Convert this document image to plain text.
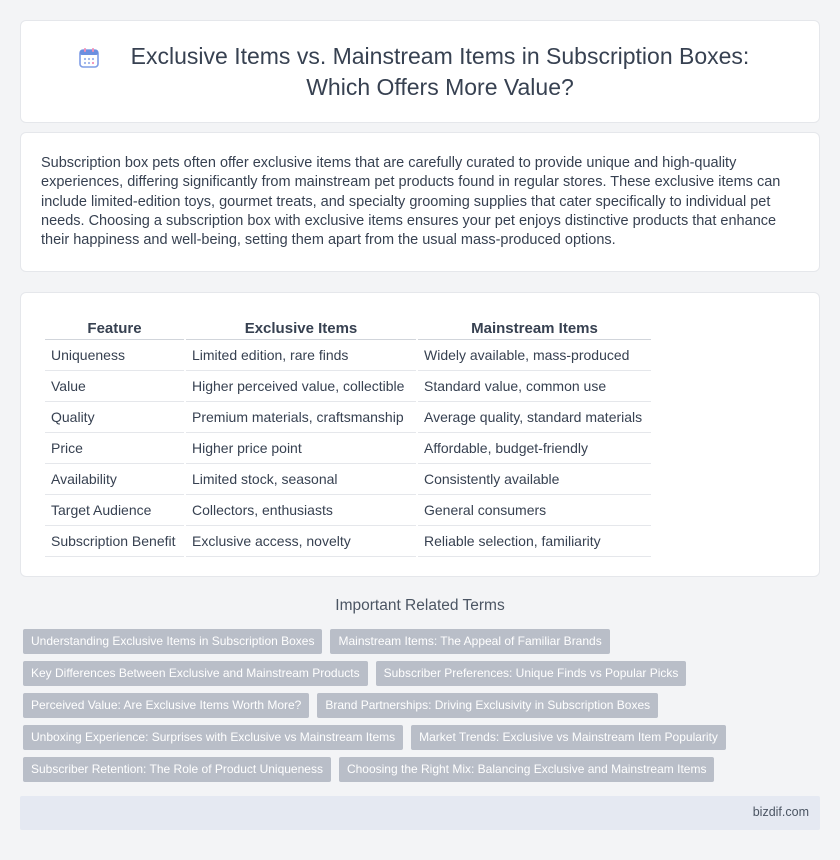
Exclusive Items vs. Mainstream Items in Subscription Boxes: Which Offers More Value?

Subscription box pets often offer exclusive items that are carefully curated to provide unique and high-quality experiences, differing significantly from mainstream pet products found in regular stores. These exclusive items can include limited-edition toys, gourmet treats, and specialty grooming supplies that cater specifically to individual pet needs. Choosing a subscription box with exclusive items ensures your pet enjoys distinctive products that enhance their happiness and well-being, setting them apart from the usual mass-produced options.

Feature	Exclusive Items	Mainstream Items
Uniqueness	Limited edition, rare finds	Widely available, mass-produced
Value	Higher perceived value, collectible	Standard value, common use
Quality	Premium materials, craftsmanship	Average quality, standard materials
Price	Higher price point	Affordable, budget-friendly
Availability	Limited stock, seasonal	Consistently available
Target Audience	Collectors, enthusiasts	General consumers
Subscription Benefit	Exclusive access, novelty	Reliable selection, familiarity
Important Related Terms
Understanding Exclusive Items in Subscription Boxes	Mainstream Items: The Appeal of Familiar Brands
Key Differences Between Exclusive and Mainstream Products	Subscriber Preferences: Unique Finds vs Popular Picks
Perceived Value: Are Exclusive Items Worth More?	Brand Partnerships: Driving Exclusivity in Subscription Boxes
Unboxing Experience: Surprises with Exclusive vs Mainstream Items	Market Trends: Exclusive vs Mainstream Item Popularity
Subscriber Retention: The Role of Product Uniqueness	Choosing the Right Mix: Balancing Exclusive and Mainstream Items
bizdif.com
